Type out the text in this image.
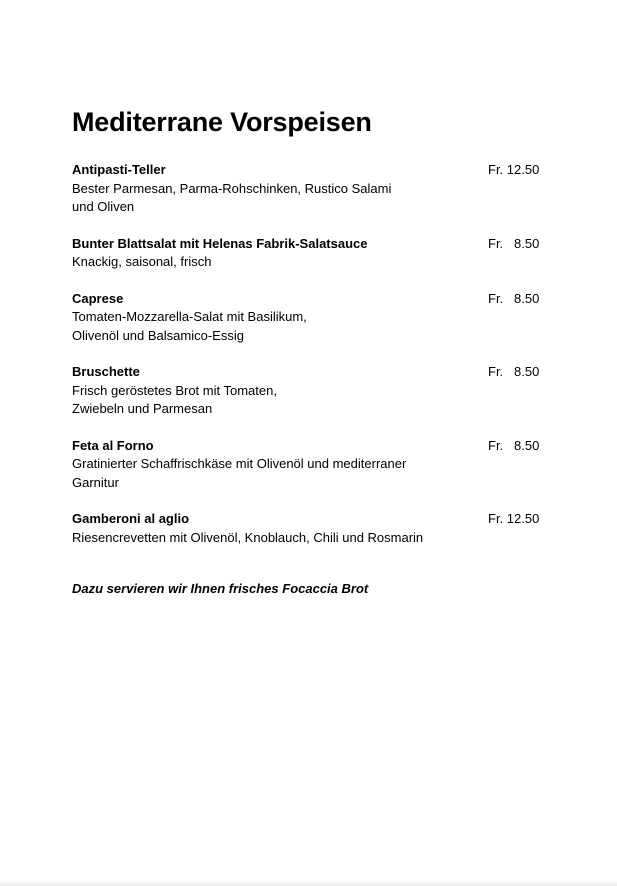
Mediterrane Vorspeisen
Antipasti-Teller	Fr. 12.50
Bester Parmesan, Parma-Rohschinken, Rustico Salami
und Oliven
Bunter Blattsalat mit Helenas Fabrik-Salatsauce	Fr.   8.50
Knackig, saisonal, frisch
Caprese	Fr.   8.50
Tomaten-Mozzarella-Salat mit Basilikum,
Olivenöl und Balsamico-Essig
Bruschette	Fr.   8.50
Frisch geröstetes Brot mit Tomaten,
Zwiebeln und Parmesan
Feta al Forno	Fr.   8.50
Gratinierter Schaffrischkäse mit Olivenöl und mediterraner
Garnitur
Gamberoni al aglio	Fr. 12.50
Riesencrevetten mit Olivenöl, Knoblauch, Chili und Rosmarin
Dazu servieren wir Ihnen frisches Focaccia Brot
